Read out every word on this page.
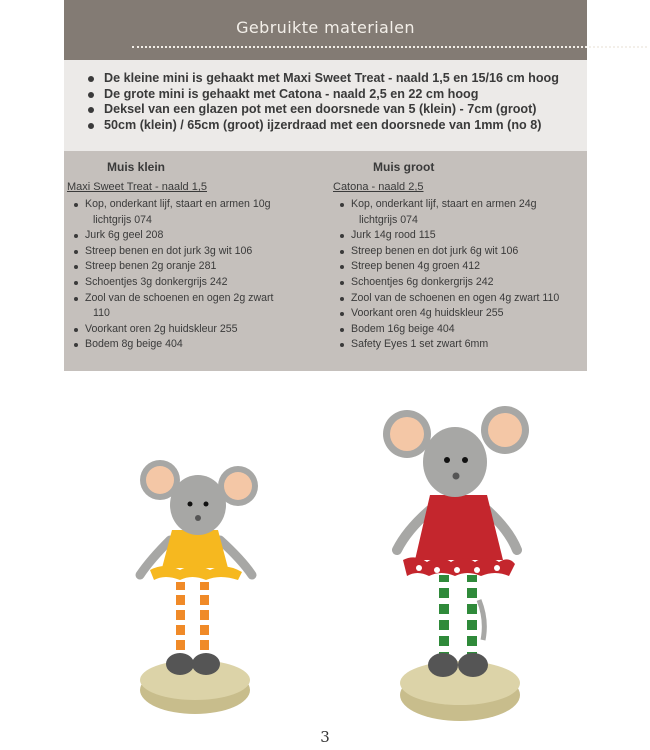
Gebruikte materialen
De kleine mini is gehaakt met Maxi Sweet Treat - naald 1,5 en 15/16 cm hoog
De grote mini is gehaakt met Catona - naald 2,5 en 22 cm hoog
Deksel van een glazen pot met een doorsnede van 5 (klein) - 7cm (groot)
50cm (klein) / 65cm (groot) ijzerdraad met een doorsnede van 1mm (no 8)
Muis klein
Maxi Sweet Treat - naald 1,5
Kop, onderkant lijf, staart en armen 10g
lichtgrijs 074
Jurk 6g geel 208
Streep benen en dot jurk 3g wit 106
Streep benen 2g oranje 281
Schoentjes 3g donkergrijs 242
Zool van de schoenen en ogen 2g zwart
110
Voorkant oren 2g huidskleur 255
Bodem 8g beige 404
Muis groot
Catona - naald 2,5
Kop, onderkant lijf, staart en armen 24g
lichtgrijs 074
Jurk 14g rood 115
Streep benen en dot jurk 6g wit 106
Streep benen 4g groen 412
Schoentjes 6g donkergrijs 242
Zool van de schoenen en ogen 4g zwart 110
Voorkant oren 4g huidskleur 255
Bodem 16g beige 404
Safety Eyes 1 set zwart 6mm
3
